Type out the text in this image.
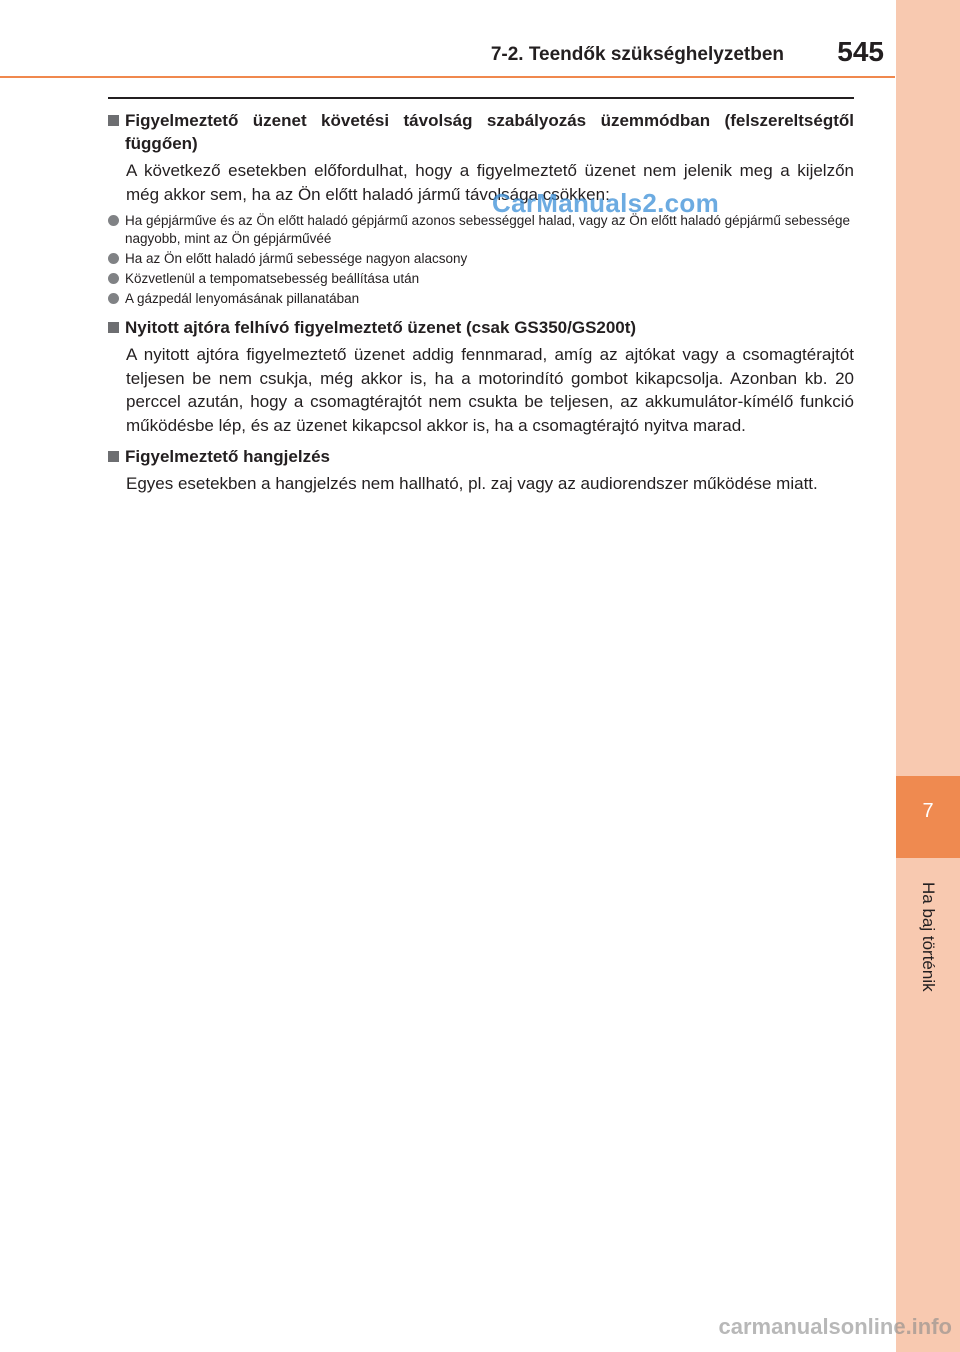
7-2. Teendők szükséghelyzetben 545
7
Ha baj történik
Figyelmeztető üzenet követési távolság szabályozás üzemmódban (felszereltségtől függően)
A következő esetekben előfordulhat, hogy a figyelmeztető üzenet nem jelenik meg a kijelzőn még akkor sem, ha az Ön előtt haladó jármű távolsága csökken:
Ha gépjárműve és az Ön előtt haladó gépjármű azonos sebességgel halad, vagy az Ön előtt haladó gépjármű sebessége nagyobb, mint az Ön gépjárművéé
Ha az Ön előtt haladó jármű sebessége nagyon alacsony
Közvetlenül a tempomatsebesség beállítása után
A gázpedál lenyomásának pillanatában
Nyitott ajtóra felhívó figyelmeztető üzenet (csak GS350/GS200t)
A nyitott ajtóra figyelmeztető üzenet addig fennmarad, amíg az ajtókat vagy a csomagtérajtót teljesen be nem csukja, még akkor is, ha a motorindító gombot kikapcsolja. Azonban kb. 20 perccel azután, hogy a csomagtérajtót nem csukta be teljesen, az akkumulátor-kímélő funkció működésbe lép, és az üzenet kikapcsol akkor is, ha a csomagtérajtó nyitva marad.
Figyelmeztető hangjelzés
Egyes esetekben a hangjelzés nem hallható, pl. zaj vagy az audiorendszer működése miatt.
CarManuals2.com
carmanualsonline.info
